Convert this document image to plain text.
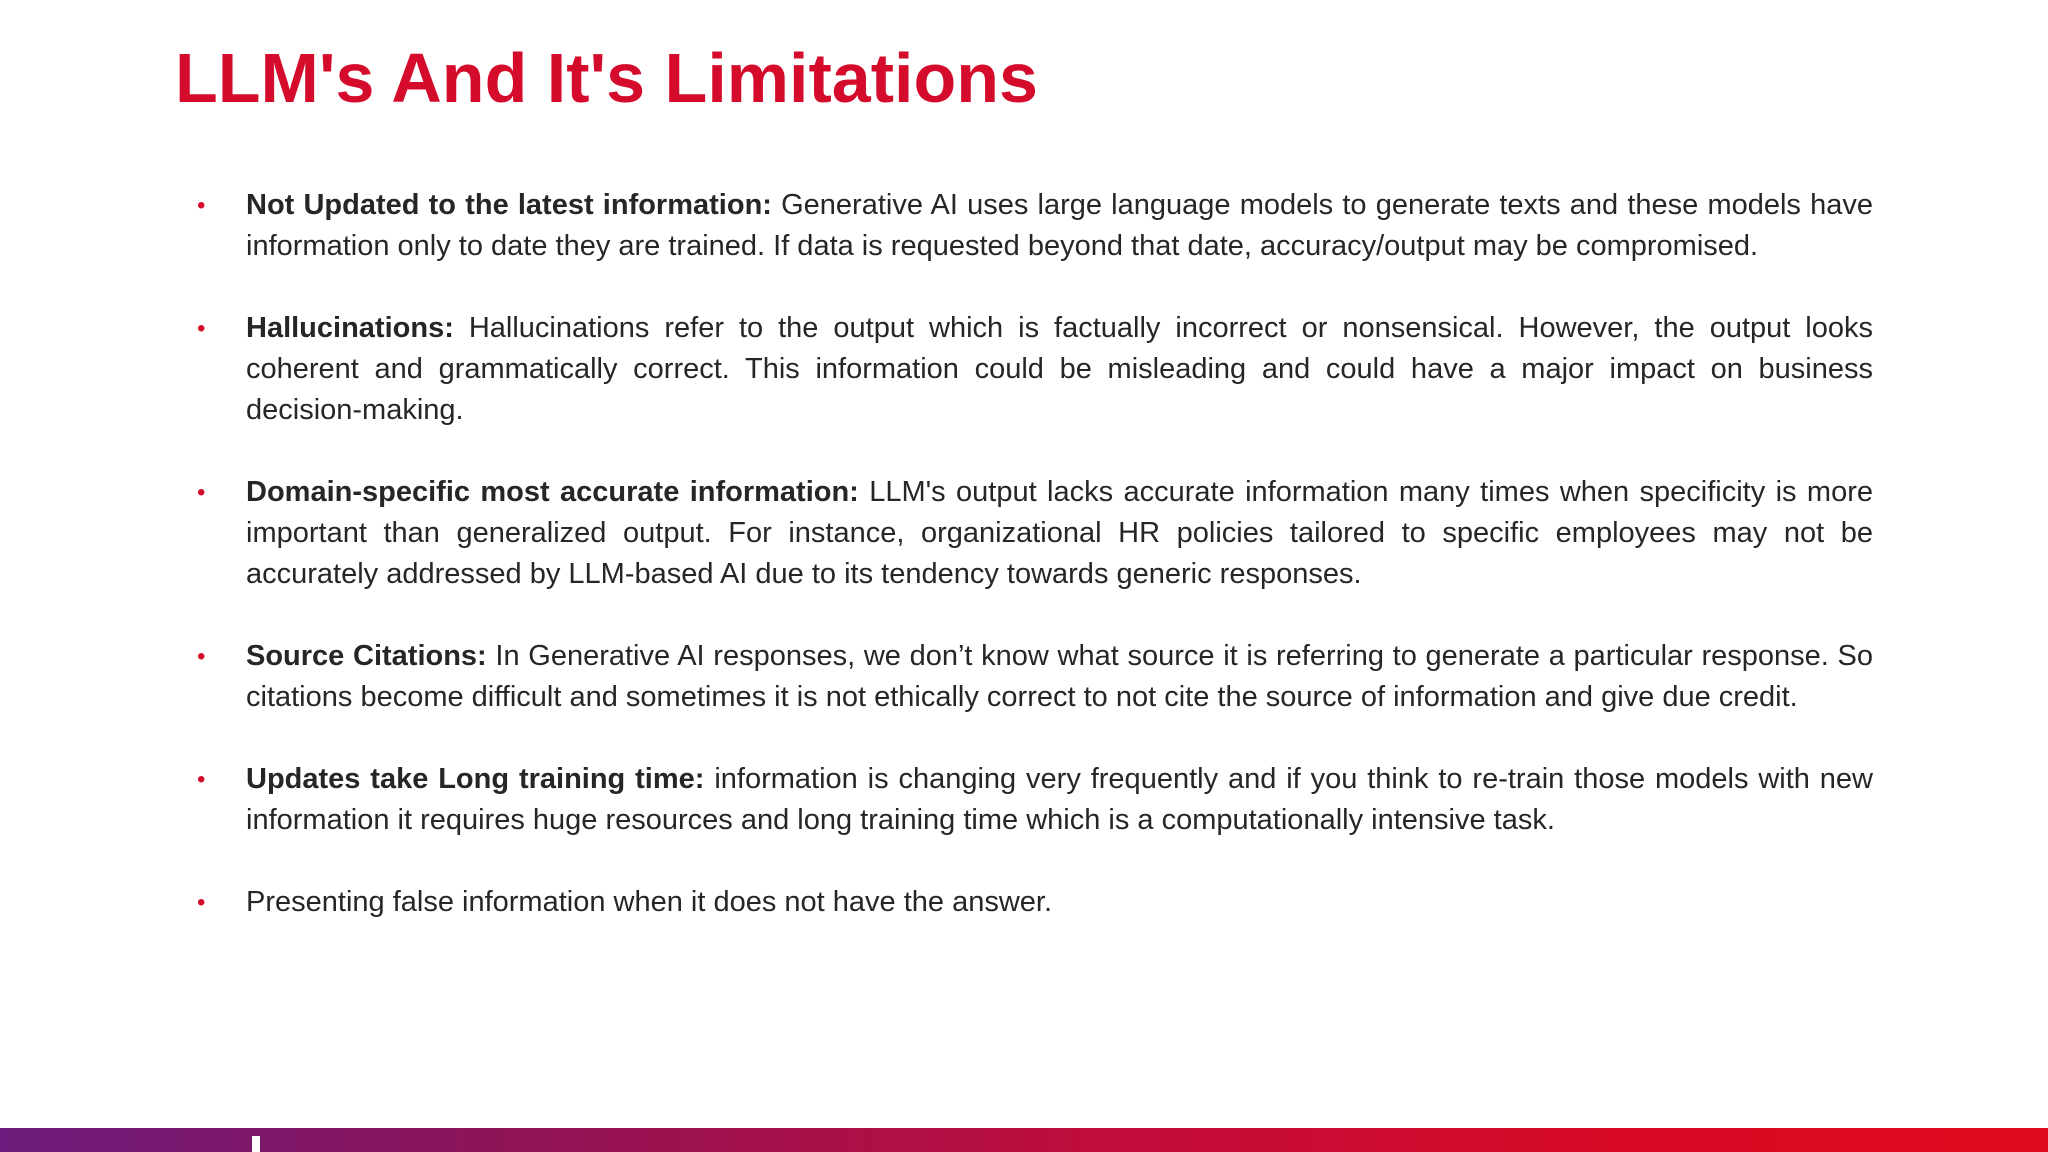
LLM's And It's Limitations
• Not Updated to the latest information: Generative AI uses large language models to generate texts and these models have information only to date they are trained. If data is requested beyond that date, accuracy/output may be compromised.
• Hallucinations: Hallucinations refer to the output which is factually incorrect or nonsensical. However, the output looks coherent and grammatically correct. This information could be misleading and could have a major impact on business decision-making.
• Domain-specific most accurate information: LLM's output lacks accurate information many times when specificity is more important than generalized output. For instance, organizational HR policies tailored to specific employees may not be accurately addressed by LLM-based AI due to its tendency towards generic responses.
• Source Citations: In Generative AI responses, we don’t know what source it is referring to generate a particular response. So citations become difficult and sometimes it is not ethically correct to not cite the source of information and give due credit.
• Updates take Long training time: information is changing very frequently and if you think to re-train those models with new information it requires huge resources and long training time which is a computationally intensive task.
• Presenting false information when it does not have the answer.
